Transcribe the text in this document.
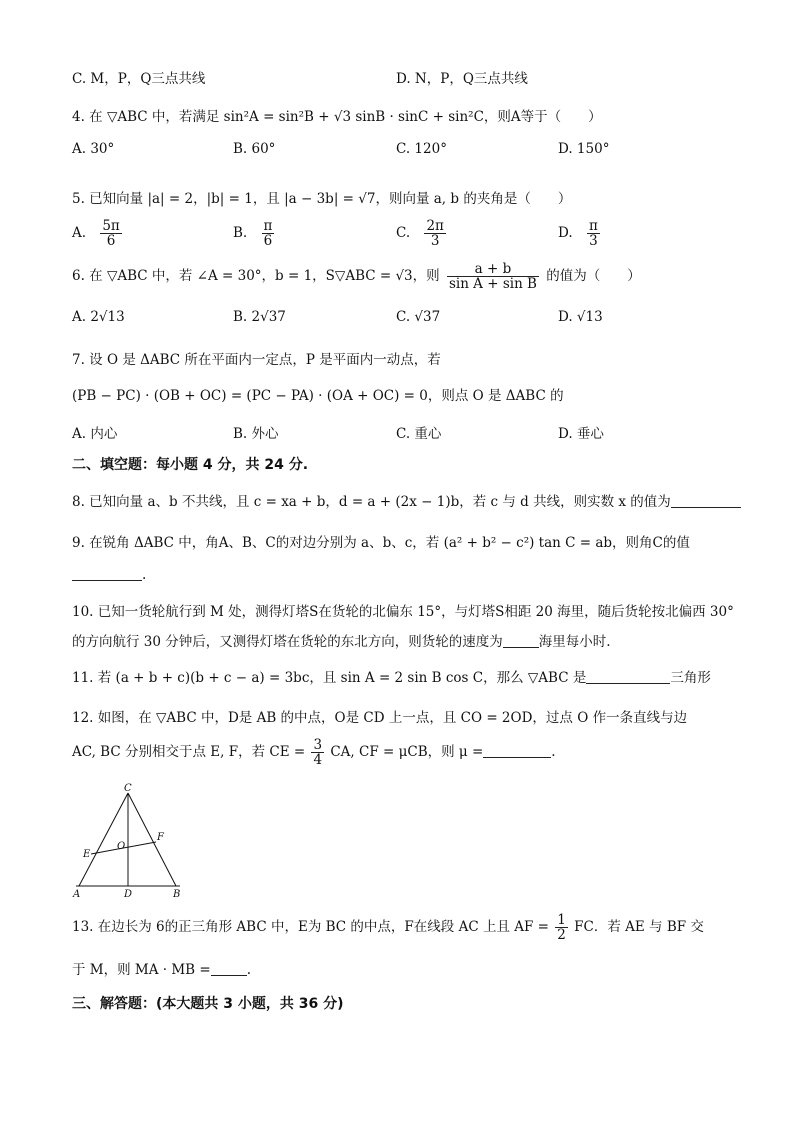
C. M，P，Q三点共线	D. N，P，Q三点共线
4. 在 ▽ABC 中，若满足 sin²A = sin²B + √3 sinB · sinC + sin²C，则A等于（　　）
A. 30°	B. 60°	C. 120°	D. 150°
5. 已知向量 |a| = 2，|b| = 1，且 |a − 3b| = √7，则向量 a, b 的夹角是（　　）
A. $\frac{5\pi}{6}$	B. $\frac{\pi}{6}$	C. $\frac{2\pi}{3}$	D. $\frac{\pi}{3}$
6. 在 ▽ABC 中，若 ∠A = 30°，b = 1，S▽ABC = √3，则 $\frac{a + b}{\text{sin A + sin B}}$ 的值为（　　）
A. 2√13	B. 2√37	C. √37	D. √13
7. 设 O 是 ΔABC 所在平面内一定点，P 是平面内一动点，若
(PB − PC) · (OB + OC) = (PC − PA) · (OA + OC) = 0，则点 O 是 ΔABC 的
A. 内心	B. 外心	C. 重心	D. 垂心
二、填空题：每小题 4 分，共 24 分.
8. 已知向量 a、b 不共线，且 c = xa + b，d = a + (2x − 1)b，若 c 与 d 共线，则实数 x 的值为
9. 在锐角 ΔABC 中，角A、B、C的对边分别为 a、b、c，若 (a² + b² − c²) tan C = ab，则角C的值
.
10. 已知一货轮航行到 M 处，测得灯塔S在货轮的北偏东 15°，与灯塔S相距 20 海里，随后货轮按北偏西 30°
的方向航行 30 分钟后，又测得灯塔在货轮的东北方向，则货轮的速度为	海里每小时.
11. 若 (a + b + c)(b + c − a) = 3bc，且 sin A = 2 sin B cos C，那么 ▽ABC 是	三角形
12. 如图，在 ▽ABC 中，D是 AB 的中点，O是 CD 上一点，且 CO = 2OD，过点 O 作一条直线与边
AC, BC 分别相交于点 E, F，若 CE = $\frac{3}{4}$ CA, CF = μCB，则 μ =	.
C
F
O
E
A	D	B
13. 在边长为 6的正三角形 ABC 中，E为 BC 的中点，F在线段 AC 上且 AF = $\frac{1}{2}$ FC．若 AE 与 BF 交
于 M，则 MA · MB =	.
三、解答题：(本大题共 3 小题，共 36 分)
